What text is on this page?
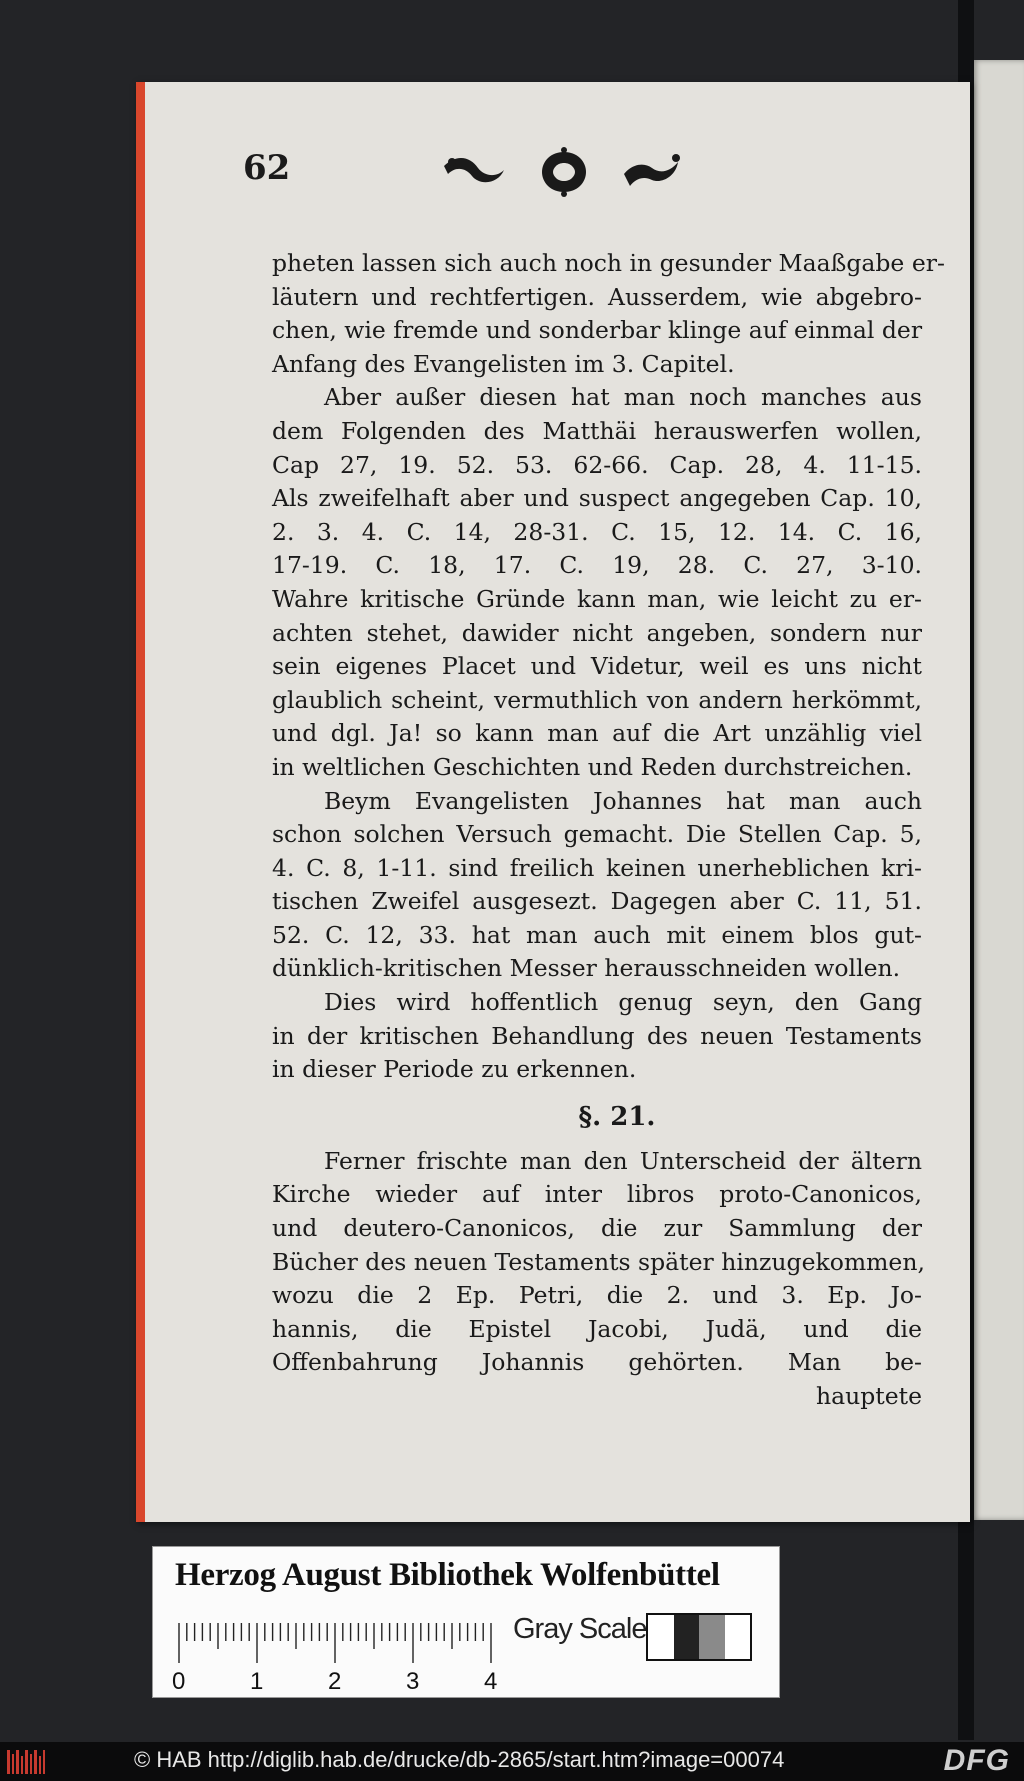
62
pheten lassen sich auch noch in gesunder Maaßgabe er-
läutern und rechtfertigen. Ausserdem, wie abgebro-
chen, wie fremde und sonderbar klinge auf einmal der
Anfang des Evangelisten im 3. Capitel.
Aber außer diesen hat man noch manches aus
dem Folgenden des Matthäi herauswerfen wollen,
Cap 27, 19. 52. 53. 62-66. Cap. 28, 4. 11-15.
Als zweifelhaft aber und suspect angegeben Cap. 10,
2. 3. 4. C. 14, 28-31. C. 15, 12. 14. C. 16,
17-19. C. 18, 17. C. 19, 28. C. 27, 3-10.
Wahre kritische Gründe kann man, wie leicht zu er-
achten stehet, dawider nicht angeben, sondern nur
sein eigenes Placet und Videtur, weil es uns nicht
glaublich scheint, vermuthlich von andern herkömmt,
und dgl. Ja! so kann man auf die Art unzählig viel
in weltlichen Geschichten und Reden durchstreichen.
Beym Evangelisten Johannes hat man auch
schon solchen Versuch gemacht. Die Stellen Cap. 5,
4. C. 8, 1-11. sind freilich keinen unerheblichen kri-
tischen Zweifel ausgesezt. Dagegen aber C. 11, 51.
52. C. 12, 33. hat man auch mit einem blos gut-
dünklich-kritischen Messer herausschneiden wollen.
Dies wird hoffentlich genug seyn, den Gang
in der kritischen Behandlung des neuen Testaments
in dieser Periode zu erkennen.
§. 21.
Ferner frischte man den Unterscheid der ältern
Kirche wieder auf inter libros proto-Canonicos,
und deutero-Canonicos, die zur Sammlung der
Bücher des neuen Testaments später hinzugekommen,
wozu die 2 Ep. Petri, die 2. und 3. Ep. Jo-
hannis, die Epistel Jacobi, Judä, und die
Offenbahrung Johannis gehörten. Man be-
hauptete
Herzog August Bibliothek Wolfenbüttel
0	1	2	3	4
Gray Scale
© HAB http://diglib.hab.de/drucke/db-2865/start.htm?image=00074	DFG
